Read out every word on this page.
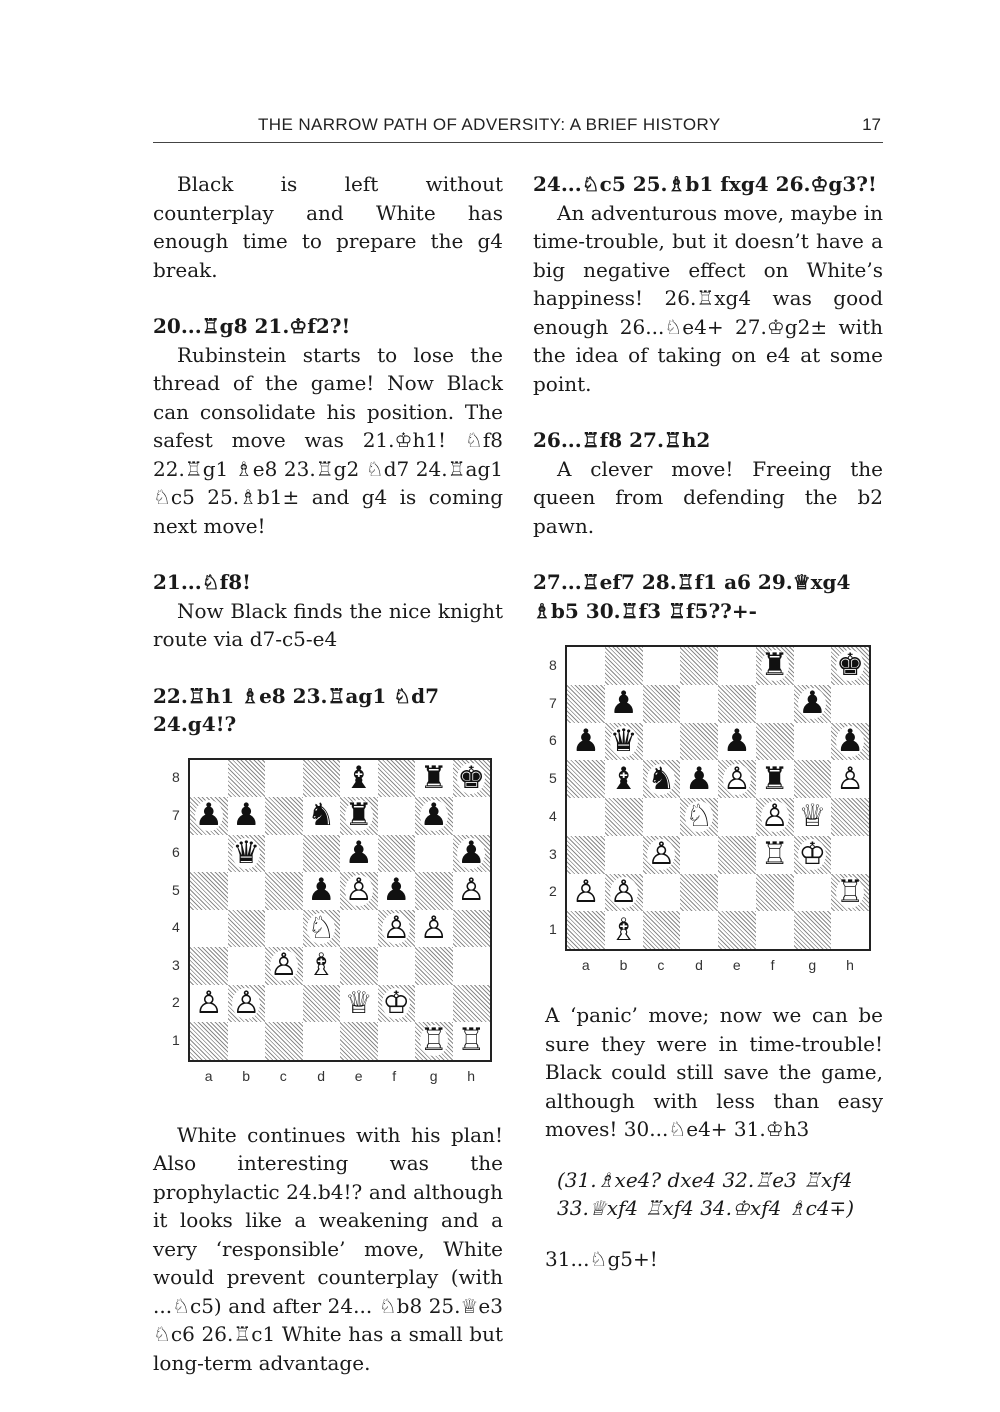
THE NARROW PATH OF ADVERSITY: A BRIEF HISTORY	17

Black is left without counterplay and White has enough time to prepare the g4 break.

20...♖g8 21.♔f2?!

Rubinstein starts to lose the thread of the game! Now Black can consolidate his position. The safest move was 21.♔h1! ♘f8 22.♖g1 ♗e8 23.♖g2 ♘d7 24.♖ag1 ♘c5 25.♗b1± and g4 is coming next move!

21...♘f8!

Now Black finds the nice knight route via d7-c5-e4

22.♖h1 ♗e8 23.♖ag1 ♘d7 24.g4!?

♝ ♜ ♚
♟ ♟ ♞ ♜ ♟
♛	♟	♟
♟ ♙ ♟ ♙
♘ ♙ ♙
♙ ♗
♙ ♙	♕ ♔
♖ ♖
8
7
6
5
4
3
2
1
a b c d e f g h

White continues with his plan! Also interesting was the prophylactic 24.b4!? and although it looks like a weakening and a very ‘responsible’ move, White would prevent counterplay (with ...♘c5) and after 24... ♘b8 25.♕e3 ♘c6 26.♖c1 White has a small but long-term advantage.

24...♘c5 25.♗b1 fxg4 26.♔g3?!

An adventurous move, maybe in time-trouble, but it doesn’t have a big negative effect on White’s happiness! 26.♖xg4 was good enough 26...♘e4+ 27.♔g2± with the idea of taking on e4 at some point.

26...♖f8 27.♖h2

A clever move! Freeing the queen from defending the b2 pawn.

27...♖ef7 28.♖f1 a6 29.♕xg4 ♗b5 30.♖f3 ♖f5??+-

♜ ♚
♟	♟
♟ ♛	♟	♟
♝ ♞ ♟ ♙ ♜ ♙
♘ ♙ ♕
♙	♖ ♔
♙ ♙	♖
♗
8
7
6
5
4
3
2
1
a b c d e f g h

A ‘panic’ move; now we can be sure they were in time-trouble! Black could still save the game, although with less than easy moves! 30...♘e4+ 31.♔h3

(31.♗xe4? dxe4 32.♖e3 ♖xf4 33.♕xf4 ♖xf4 34.♔xf4 ♗c4∓)

31...♘g5+!
